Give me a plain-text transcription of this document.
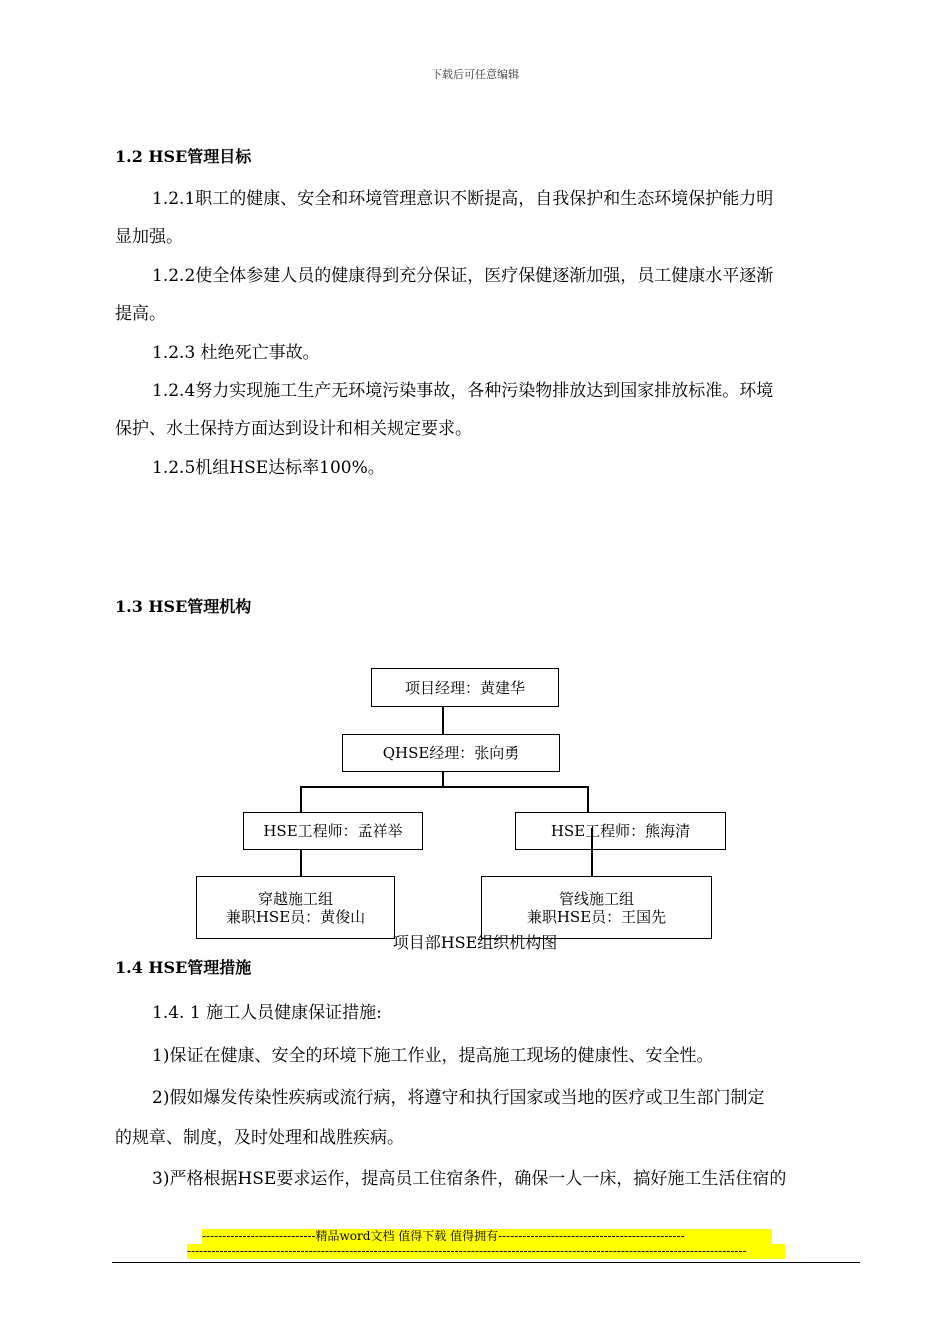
下载后可任意编辑
1.2 HSE管理目标
1.2.1职工的健康、安全和环境管理意识不断提高，自我保护和生态环境保护能力明
显加强。
1.2.2使全体参建人员的健康得到充分保证，医疗保健逐渐加强，员工健康水平逐渐
提高。
1.2.3 杜绝死亡事故。
1.2.4努力实现施工生产无环境污染事故，各种污染物排放达到国家排放标准。环境
保护、水土保持方面达到设计和相关规定要求。
1.2.5机组HSE达标率100%。
1.3 HSE管理机构
项目经理：黄建华
QHSE经理：张向勇
HSE工程师：孟祥举	HSE工程师：熊海清
穿越施工组
兼职HSE员：黄俊山
管线施工组
兼职HSE员：王国先
项目部HSE组织机构图
1.4 HSE管理措施
1.4. 1 施工人员健康保证措施:
1)保证在健康、安全的环境下施工作业，提高施工现场的健康性、安全性。
2)假如爆发传染性疾病或流行病，将遵守和执行国家或当地的医疗或卫生部门制定
的规章、制度，及时处理和战胜疾病。
3)严格根据HSE要求运作，提高员工住宿条件，确保一人一床，搞好施工生活住宿的
----------------------------精品word文档 值得下载 值得拥有----------------------------------------------
------------------------------------------------------------------------------------------------------------------------------------------
